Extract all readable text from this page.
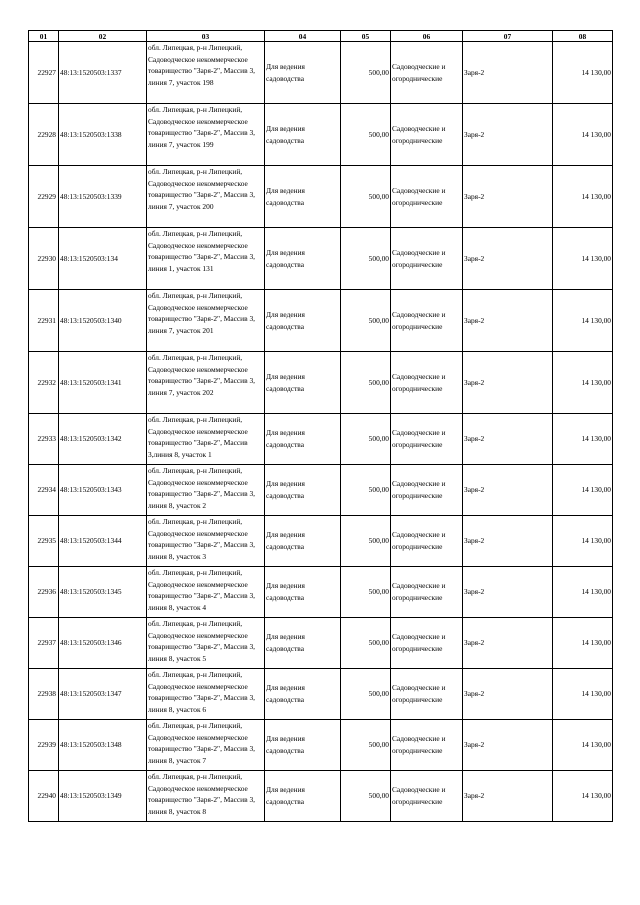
01	02	03	04	05	06	07	08
22927	48:13:1520503:1337	обл. Липецкая, р-н Липецкий, Садоводческое некоммерческое товарищество "Заря-2", Массив 3, линия 7, участок 198	Для ведения садоводства	500,00	Садоводческие и огороднические	Заря-2	14 130,00
22928	48:13:1520503:1338	обл. Липецкая, р-н Липецкий, Садоводческое некоммерческое товарищество "Заря-2", Массив 3, линия 7, участок 199	Для ведения садоводства	500,00	Садоводческие и огороднические	Заря-2	14 130,00
22929	48:13:1520503:1339	обл. Липецкая, р-н Липецкий, Садоводческое некоммерческое товарищество "Заря-2", Массив 3, линия 7, участок 200	Для ведения садоводства	500,00	Садоводческие и огороднические	Заря-2	14 130,00
22930	48:13:1520503:134	обл. Липецкая, р-н Липецкий, Садоводческое некоммерческое товарищество "Заря-2", Массив 3, линия 1, участок 131	Для ведения садоводства	500,00	Садоводческие и огороднические	Заря-2	14 130,00
22931	48:13:1520503:1340	обл. Липецкая, р-н Липецкий, Садоводческое некоммерческое товарищество "Заря-2", Массив 3, линия 7, участок 201	Для ведения садоводства	500,00	Садоводческие и огороднические	Заря-2	14 130,00
22932	48:13:1520503:1341	обл. Липецкая, р-н Липецкий, Садоводческое некоммерческое товарищество "Заря-2", Массив 3, линия 7, участок 202	Для ведения садоводства	500,00	Садоводческие и огороднические	Заря-2	14 130,00
22933	48:13:1520503:1342	обл. Липецкая, р-н Липецкий, Садоводческое некоммерческое товарищество "Заря-2", Массив 3,линия 8, участок 1	Для ведения садоводства	500,00	Садоводческие и огороднические	Заря-2	14 130,00
22934	48:13:1520503:1343	обл. Липецкая, р-н Липецкий, Садоводческое некоммерческое товарищество "Заря-2", Массив 3, линия 8, участок 2	Для ведения садоводства	500,00	Садоводческие и огороднические	Заря-2	14 130,00
22935	48:13:1520503:1344	обл. Липецкая, р-н Липецкий, Садоводческое некоммерческое товарищество "Заря-2", Массив 3, линия 8, участок 3	Для ведения садоводства	500,00	Садоводческие и огороднические	Заря-2	14 130,00
22936	48:13:1520503:1345	обл. Липецкая, р-н Липецкий, Садоводческое некоммерческое товарищество "Заря-2", Массив 3, линия 8, участок 4	Для ведения садоводства	500,00	Садоводческие и огороднические	Заря-2	14 130,00
22937	48:13:1520503:1346	обл. Липецкая, р-н Липецкий, Садоводческое некоммерческое товарищество "Заря-2", Массив 3, линия 8, участок 5	Для ведения садоводства	500,00	Садоводческие и огороднические	Заря-2	14 130,00
22938	48:13:1520503:1347	обл. Липецкая, р-н Липецкий, Садоводческое некоммерческое товарищество "Заря-2", Массив 3, линия 8, участок 6	Для ведения садоводства	500,00	Садоводческие и огороднические	Заря-2	14 130,00
22939	48:13:1520503:1348	обл. Липецкая, р-н Липецкий, Садоводческое некоммерческое товарищество "Заря-2", Массив 3, линия 8, участок 7	Для ведения садоводства	500,00	Садоводческие и огороднические	Заря-2	14 130,00
22940	48:13:1520503:1349	обл. Липецкая, р-н Липецкий, Садоводческое некоммерческое товарищество "Заря-2", Массив 3, линия 8, участок 8	Для ведения садоводства	500,00	Садоводческие и огороднические	Заря-2	14 130,00
